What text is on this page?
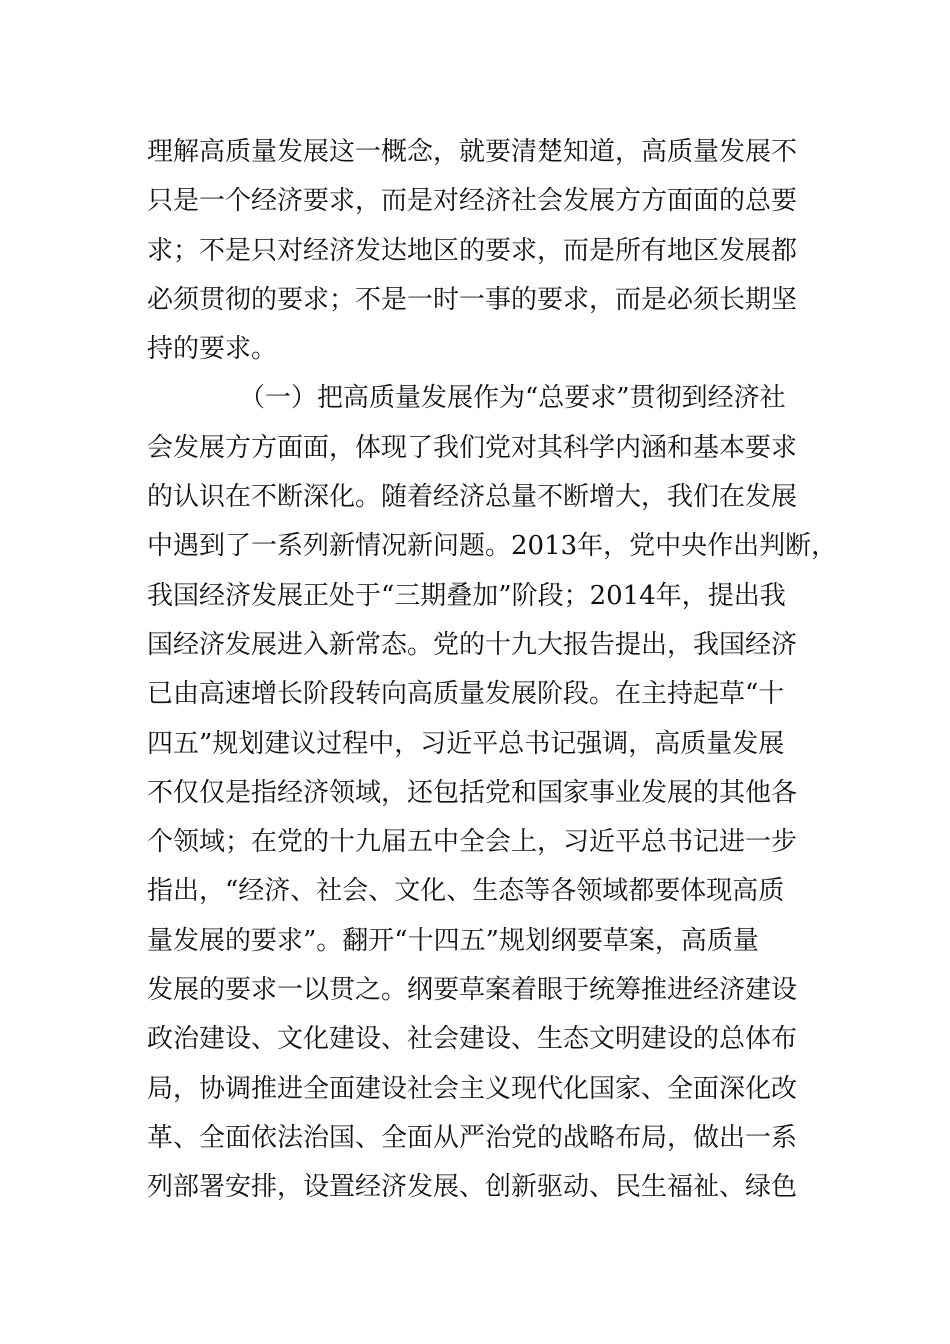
理解高质量发展这一概念，就要清楚知道，高质量发展不
只是一个经济要求，而是对经济社会发展方方面面的总要
求；不是只对经济发达地区的要求，而是所有地区发展都
必须贯彻的要求；不是一时一事的要求，而是必须长期坚
持的要求。
（一）把高质量发展作为“总要求”贯彻到经济社
会发展方方面面，体现了我们党对其科学内涵和基本要求
的认识在不断深化。随着经济总量不断增大，我们在发展
中遇到了一系列新情况新问题。2013年，党中央作出判断，
我国经济发展正处于“三期叠加”阶段；2014年，提出我
国经济发展进入新常态。党的十九大报告提出，我国经济
已由高速增长阶段转向高质量发展阶段。在主持起草“十
四五”规划建议过程中，习近平总书记强调，高质量发展
不仅仅是指经济领域，还包括党和国家事业发展的其他各
个领域；在党的十九届五中全会上，习近平总书记进一步
指出，“经济、社会、文化、生态等各领域都要体现高质
量发展的要求”。翻开“十四五”规划纲要草案，高质量
发展的要求一以贯之。纲要草案着眼于统筹推进经济建设
政治建设、文化建设、社会建设、生态文明建设的总体布
局，协调推进全面建设社会主义现代化国家、全面深化改
革、全面依法治国、全面从严治党的战略布局，做出一系
列部署安排，设置经济发展、创新驱动、民生福祉、绿色
